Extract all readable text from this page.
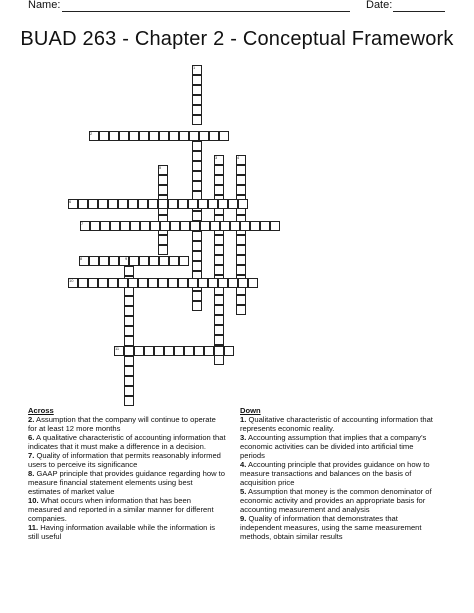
Name:	Date:
BUAD 263 - Chapter 2 - Conceptual Framework
1
2
3	4
5
6
7
8	9
10
11
Across

2. Assumption that the company will continue to operate for at least 12 more months

6. A qualitative characteristic of accounting information that indicates that it must make a difference in a decision.

7. Quality of information that permits reasonably informed users to perceive its significance

8. GAAP principle that provides guidance regarding how to measure financial statement elements using best estimates of market value

10. What occurs when information that has been measured and reported in a similar manner for different companies.

11. Having information available while the information is still useful

Down

1. Qualitative characteristic of accounting information that represents economic reality.

3. Accounting assumption that implies that a company's economic activities can be divided into artificial time periods

4. Accounting principle that provides guidance on how to measure transactions and balances on the basis of acquisition price

5. Assumption that money is the common denominator of economic activity and provides an appropriate basis for accounting measurement and analysis

9. Quality of information that demonstrates that independent measures, using the same measurement methods, obtain similar results
